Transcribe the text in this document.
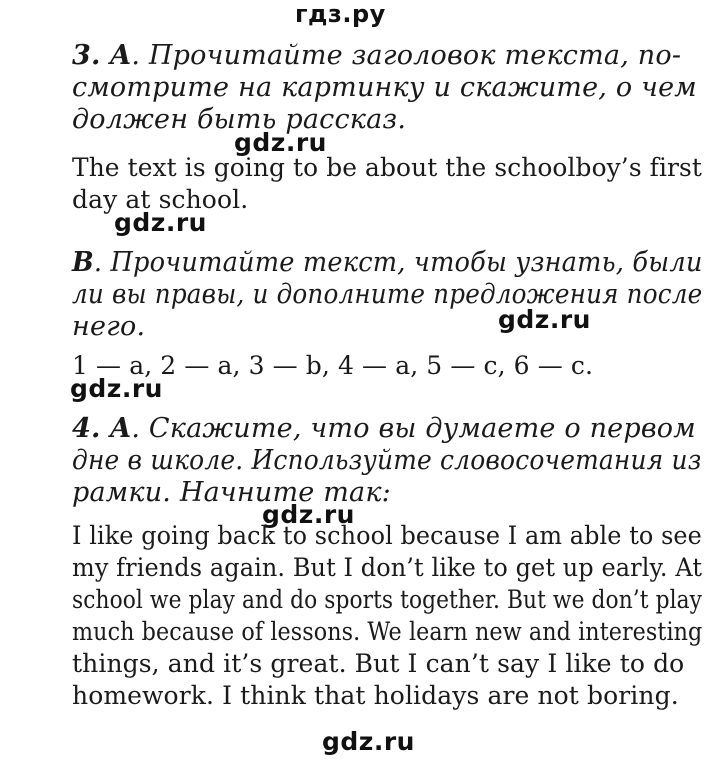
гдз.ру

3. A. Прочитайте заголовок текста, по-
смотрите на картинку и скажите, о чем
должен быть рассказ.

gdz.ru

The text is going to be about the schoolboy’s first
day at school.

gdz.ru

B. Прочитайте текст, чтобы узнать, были
ли вы правы, и дополните предложения после
него.	gdz.ru

1 — a, 2 — a, 3 — b, 4 — a, 5 — c, 6 — c.

gdz.ru

4. A. Скажите, что вы думаете о первом
дне в школе. Используйте словосочетания из
рамки. Начните так:

gdz.ru

I like going back to school because I am able to see
my friends again. But I don’t like to get up early. At
school we play and do sports together. But we don’t play
much because of lessons. We learn new and interesting
things, and it’s great. But I can’t say I like to do
homework. I think that holidays are not boring.

gdz.ru
